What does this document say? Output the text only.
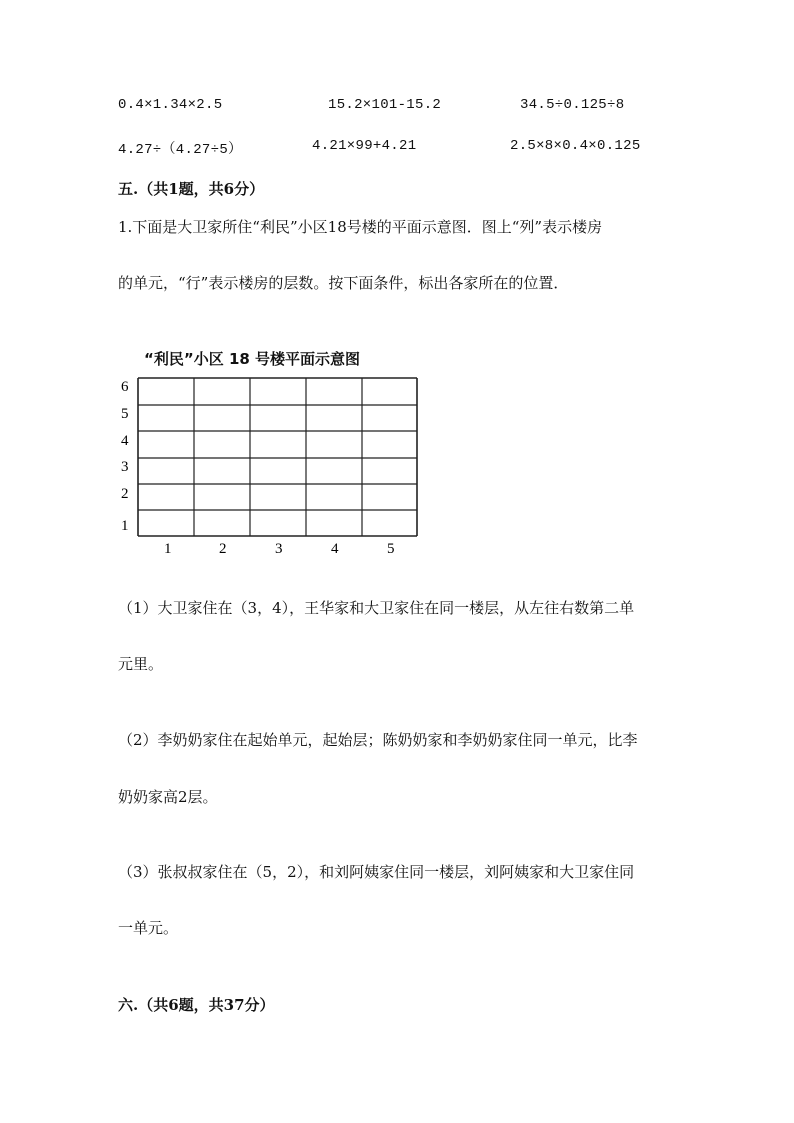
0.4×1.34×2.5	15.2×101-15.2	34.5÷0.125÷8
4.27÷（4.27÷5）	4.21×99+4.21	2.5×8×0.4×0.125
五.（共1题，共6分）
1.下面是大卫家所住“利民”小区18号楼的平面示意图．图上“列”表示楼房
的单元，“行”表示楼房的层数。按下面条件，标出各家所在的位置．
“利民”小区 18 号楼平面示意图
6
5
4
3
2
1
1	2	3	4	5
（1）大卫家住在（3，4），王华家和大卫家住在同一楼层，从左往右数第二单
元里。
（2）李奶奶家住在起始单元，起始层；陈奶奶家和李奶奶家住同一单元，比李
奶奶家高2层。
（3）张叔叔家住在（5，2），和刘阿姨家住同一楼层，刘阿姨家和大卫家住同
一单元。
六.（共6题，共37分）
